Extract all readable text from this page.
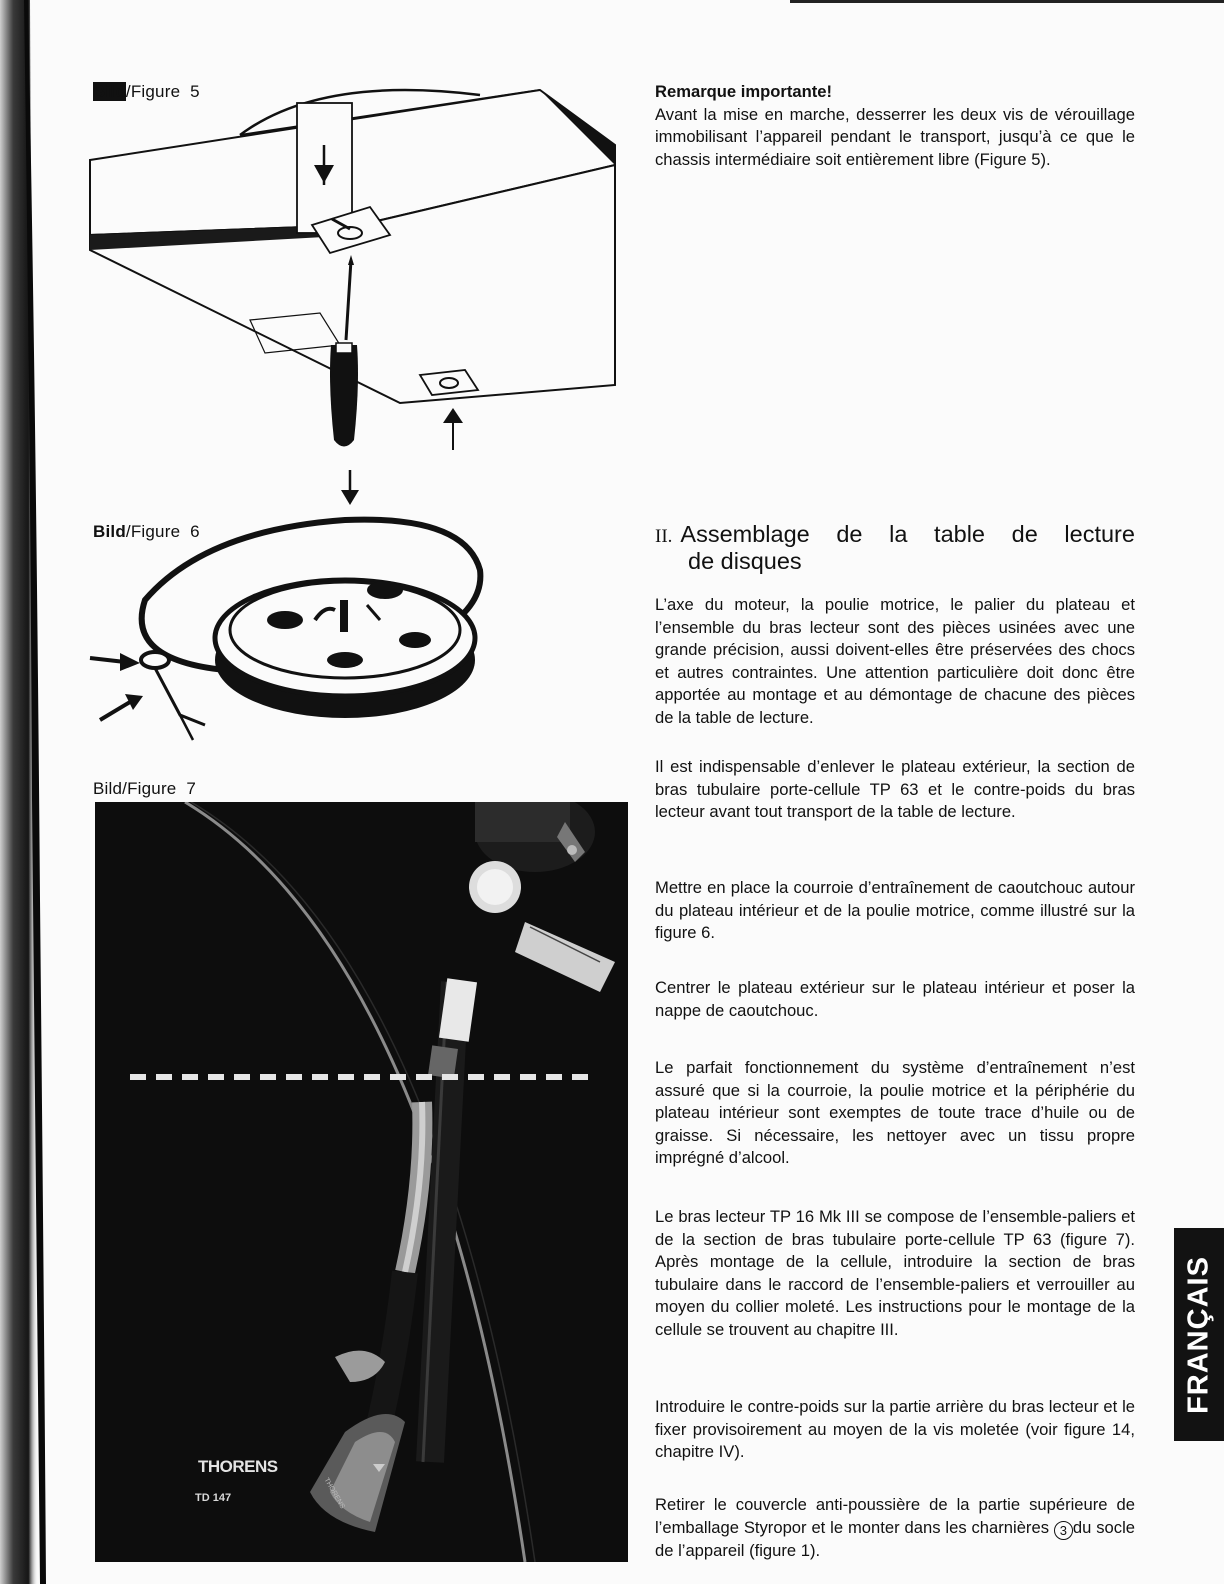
Bild/Figure 5
Bild/Figure 6
Bild/Figure 7
THORENS
TD 147	THORENS
Remarque importante!

Avant la mise en marche, desserrer les deux vis de vérouillage immobilisant l’appareil pendant le transport, jusqu’à ce que le chassis intermédiaire soit entièrement libre (Figure 5).

II. Assemblage de la table de lecture
de disques

L’axe du moteur, la poulie motrice, le palier du plateau et l’ensemble du bras lecteur sont des pièces usinées avec une grande précision, aussi doivent-elles être préservées des chocs et autres contraintes. Une attention particulière doit donc être apportée au montage et au démontage de chacune des pièces de la table de lecture.

Il est indispensable d’enlever le plateau extérieur, la section de bras tubulaire porte-cellule TP 63 et le contre-poids du bras lecteur avant tout transport de la table de lecture.

Mettre en place la courroie d’entraînement de caoutchouc autour du plateau intérieur et de la poulie motrice, comme illustré sur la figure 6.

Centrer le plateau extérieur sur le plateau intérieur et poser la nappe de caoutchouc.

Le parfait fonctionnement du système d’entraînement n’est assuré que si la courroie, la poulie motrice et la périphérie du plateau intérieur sont exemptes de toute trace d’huile ou de graisse. Si nécessaire, les nettoyer avec un tissu propre imprégné d’alcool.

Le bras lecteur TP 16 Mk III se compose de l’ensemble-paliers et de la section de bras tubulaire porte-cellule TP 63 (figure 7). Après montage de la cellule, introduire la section de bras tubulaire dans le raccord de l’ensemble-paliers et verrouiller au moyen du collier moleté. Les instructions pour le montage de la cellule se trouvent au chapitre III.

Introduire le contre-poids sur la partie arrière du bras lecteur et le fixer provisoirement au moyen de la vis moletée (voir figure 14, chapitre IV).

Retirer le couvercle anti-poussière de la partie supérieure de l’emballage Styropor et le monter dans les charnières 3 du socle de l’appareil (figure 1).

FRANÇAIS
